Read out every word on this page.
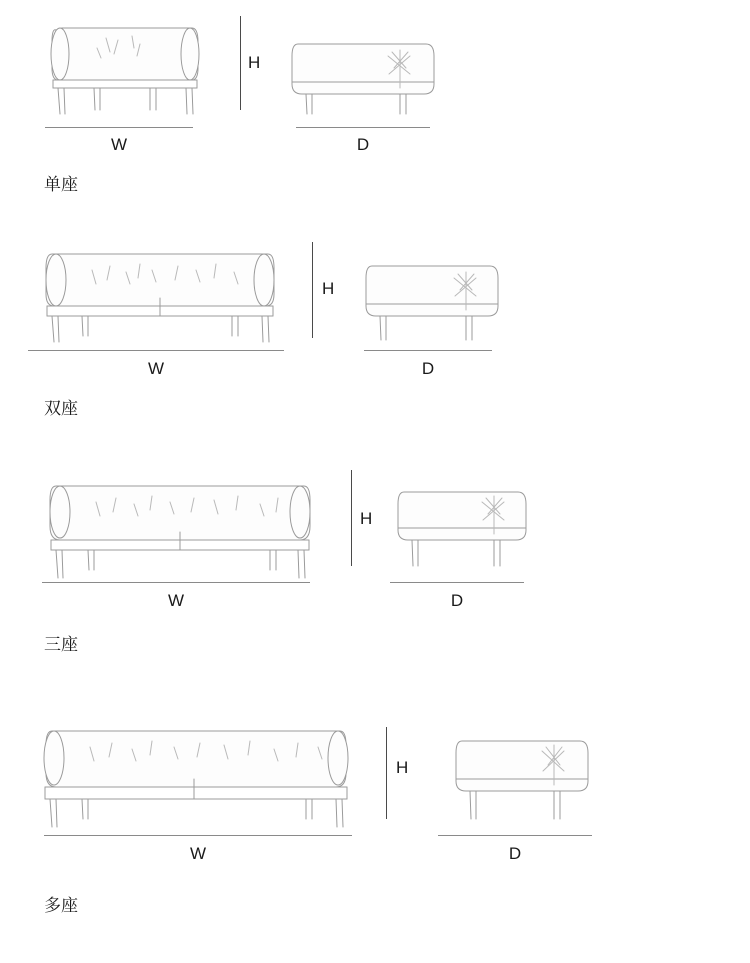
W
H
D
单座
W
H
D
双座
W
H
D
三座
W
H
D
多座
